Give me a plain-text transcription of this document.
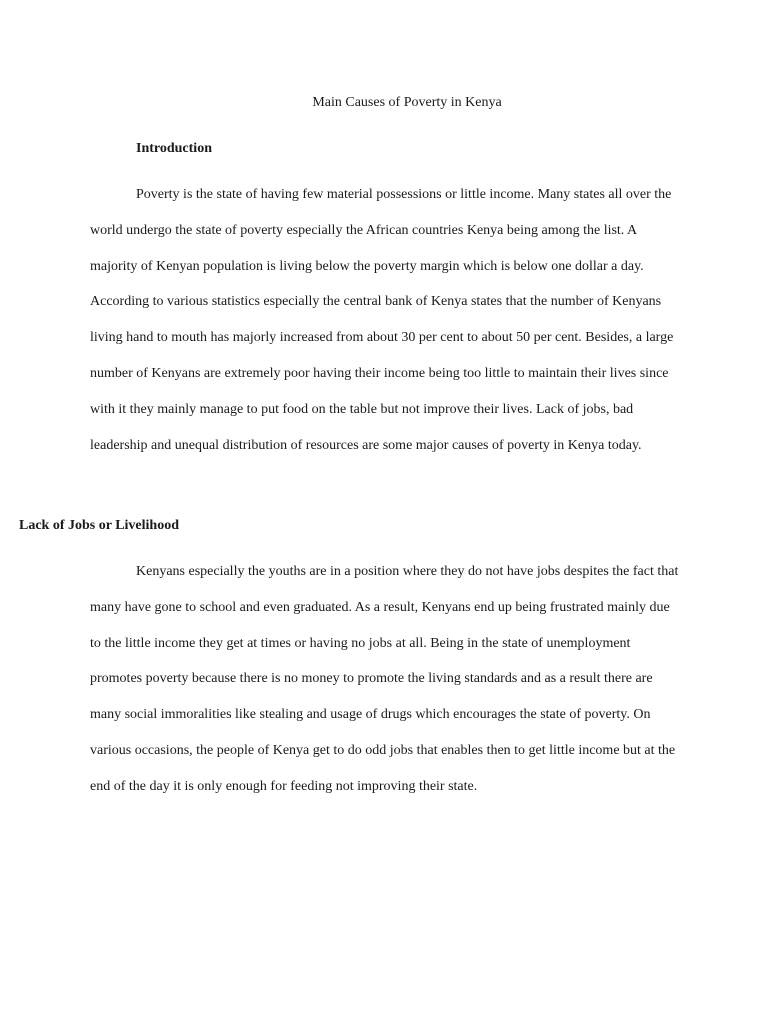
Main Causes of Poverty in Kenya
Introduction

Poverty is the state of having few material possessions or little income. Many states all over the world undergo the state of poverty especially the African countries Kenya being among the list. A majority of Kenyan population is living below the poverty margin which is below one dollar a day. According to various statistics especially the central bank of Kenya states that the number of Kenyans living hand to mouth has majorly increased from about 30 per cent to about 50 per cent. Besides, a large number of Kenyans are extremely poor having their income being too little to maintain their lives since with it they mainly manage to put food on the table but not improve their lives. Lack of jobs, bad leadership and unequal distribution of resources are some major causes of poverty in Kenya today.

Lack of Jobs or Livelihood

Kenyans especially the youths are in a position where they do not have jobs despites the fact that many have gone to school and even graduated. As a result, Kenyans end up being frustrated mainly due to the little income they get at times or having no jobs at all. Being in the state of unemployment promotes poverty because there is no money to promote the living standards and as a result there are many social immoralities like stealing and usage of drugs which encourages the state of poverty. On various occasions, the people of Kenya get to do odd jobs that enables then to get little income but at the end of the day it is only enough for feeding not improving their state.
